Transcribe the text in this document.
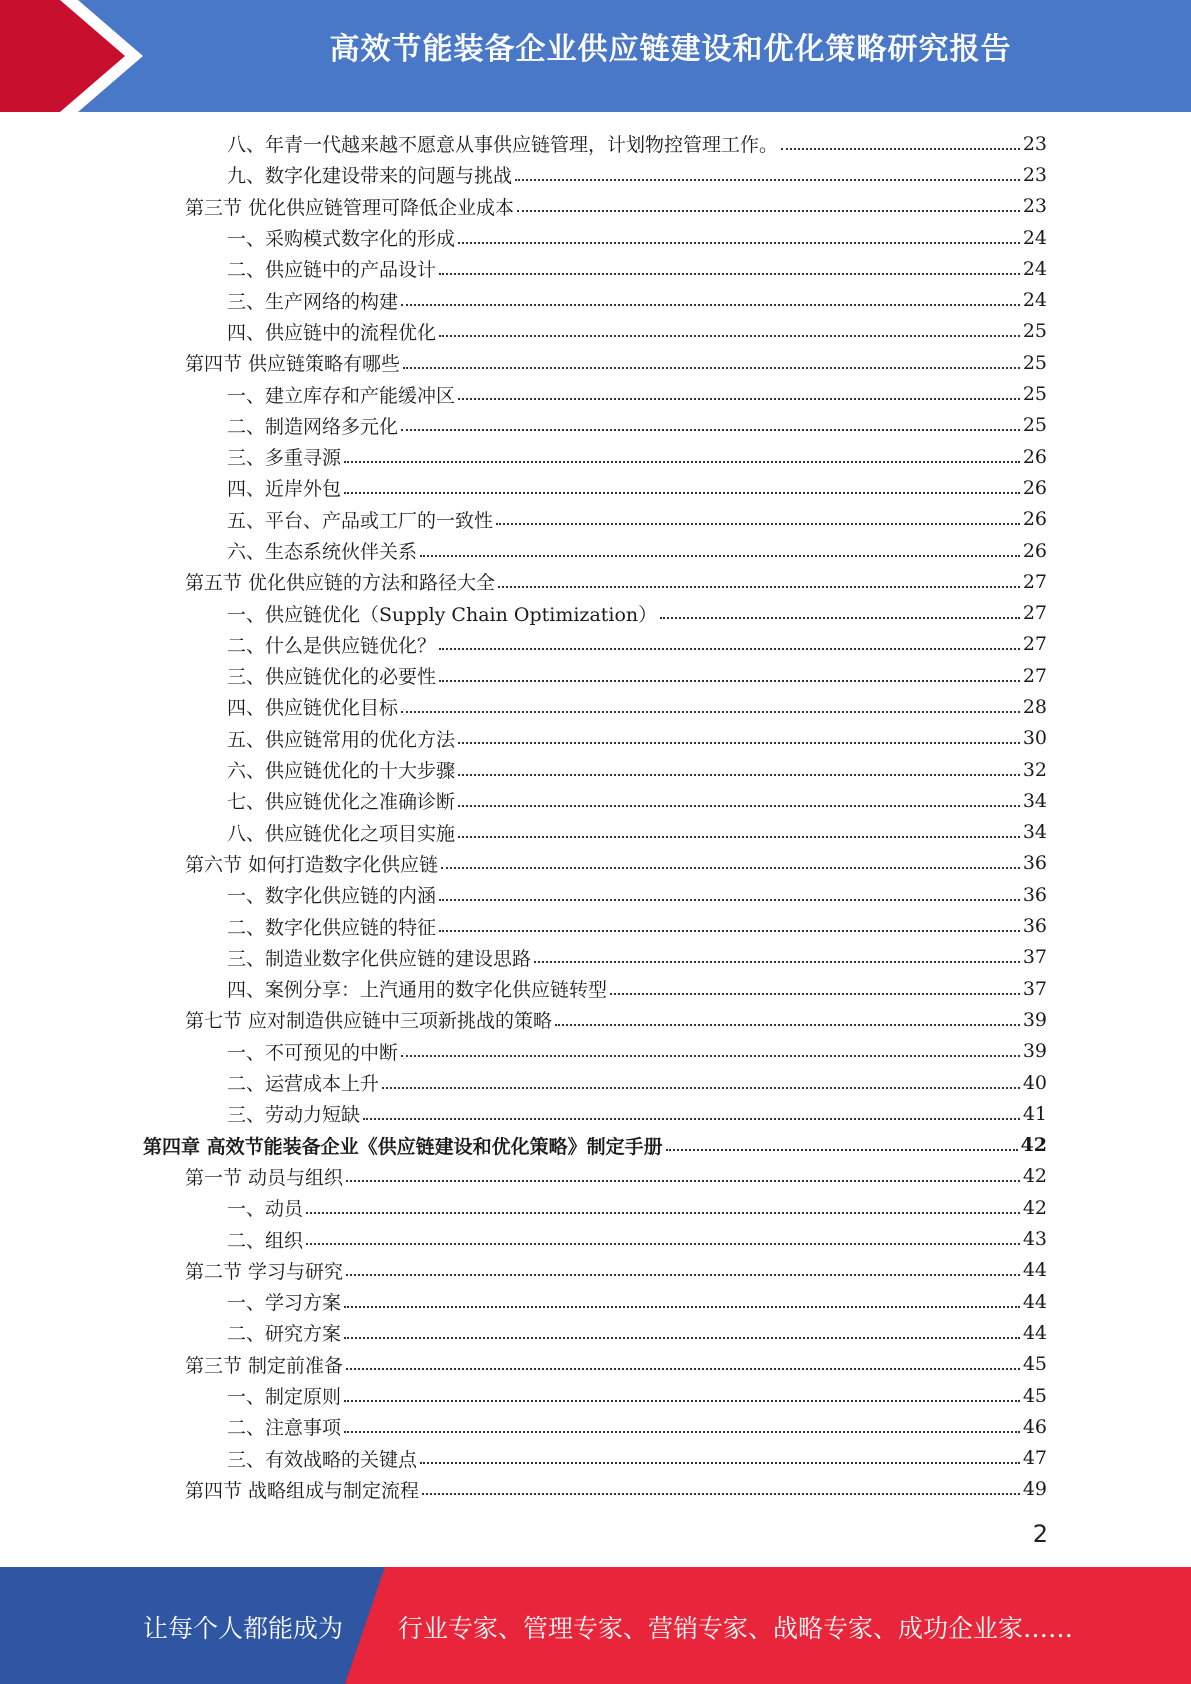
高效节能装备企业供应链建设和优化策略研究报告
八、年青一代越来越不愿意从事供应链管理，计划物控管理工作。	23
九、数字化建设带来的问题与挑战	23
第三节 优化供应链管理可降低企业成本	23
一、采购模式数字化的形成	24
二、供应链中的产品设计	24
三、生产网络的构建	24
四、供应链中的流程优化	25
第四节 供应链策略有哪些	25
一、建立库存和产能缓冲区	25
二、制造网络多元化	25
三、多重寻源	26
四、近岸外包	26
五、平台、产品或工厂的一致性	26
六、生态系统伙伴关系	26
第五节 优化供应链的方法和路径大全	27
一、供应链优化（Supply Chain Optimization）	27
二、什么是供应链优化？	27
三、供应链优化的必要性	27
四、供应链优化目标	28
五、供应链常用的优化方法	30
六、供应链优化的十大步骤	32
七、供应链优化之准确诊断	34
八、供应链优化之项目实施	34
第六节 如何打造数字化供应链	36
一、数字化供应链的内涵	36
二、数字化供应链的特征	36
三、制造业数字化供应链的建设思路	37
四、案例分享：上汽通用的数字化供应链转型	37
第七节 应对制造供应链中三项新挑战的策略	39
一、不可预见的中断	39
二、运营成本上升	40
三、劳动力短缺	41
第四章 高效节能装备企业《供应链建设和优化策略》制定手册	42
第一节 动员与组织	42
一、动员	42
二、组织	43
第二节 学习与研究	44
一、学习方案	44
二、研究方案	44
第三节 制定前准备	45
一、制定原则	45
二、注意事项	46
三、有效战略的关键点	47
第四节 战略组成与制定流程	49
2
让每个人都能成为 行业专家、管理专家、营销专家、战略专家、成功企业家……
